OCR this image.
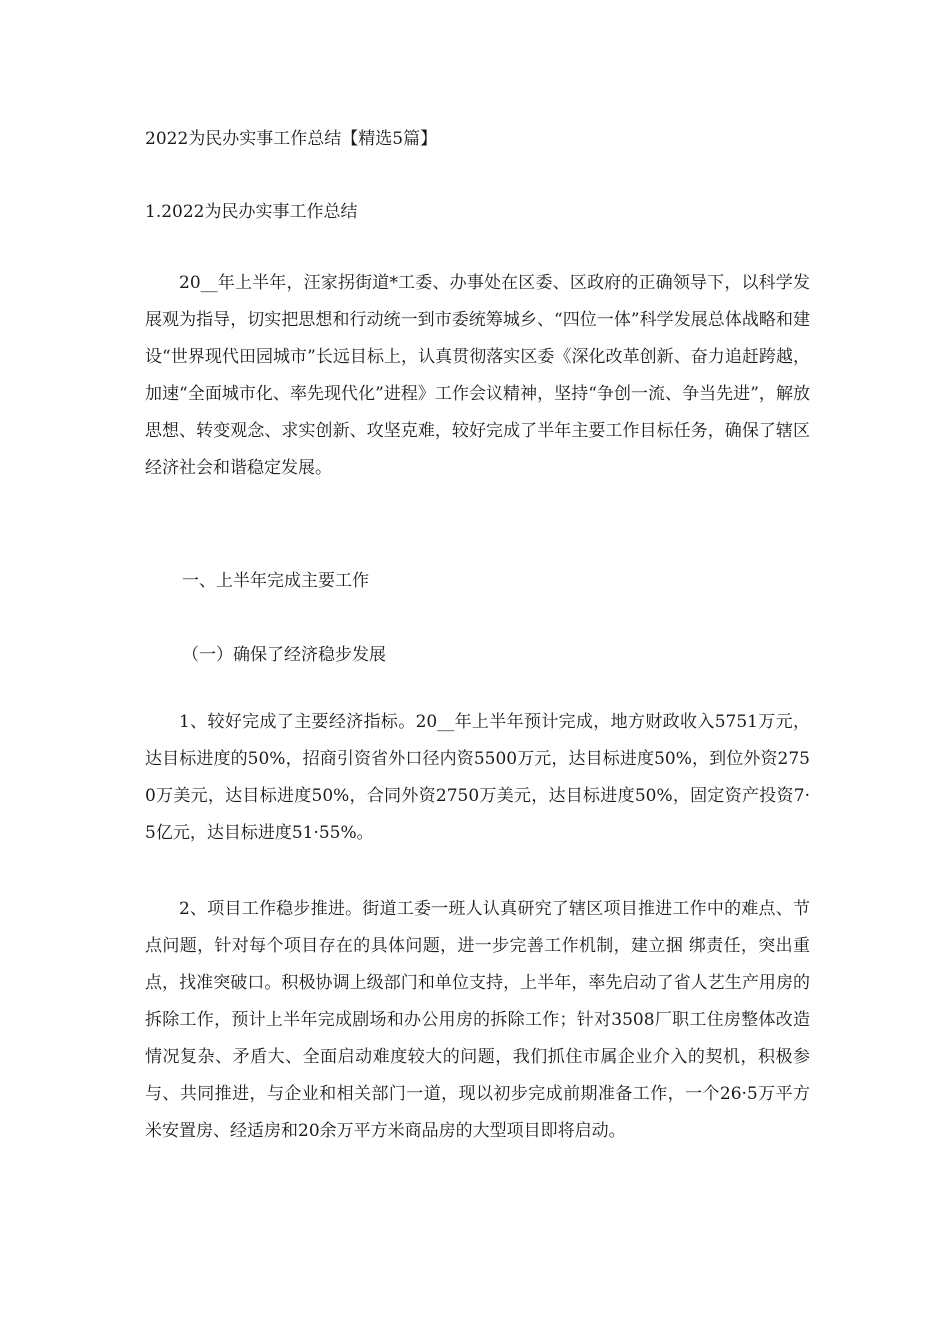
2022为民办实事工作总结【精选5篇】
1.2022为民办实事工作总结
20__年上半年，汪家拐街道*工委、办事处在区委、区政府的正确领导下，以科学发展观为指导，切实把思想和行动统一到市委统筹城乡、“四位一体”科学发展总体战略和建设“世界现代田园城市”长远目标上，认真贯彻落实区委《深化改革创新、奋力追赶跨越，加速“全面城市化、率先现代化”进程》工作会议精神，坚持“争创一流、争当先进”，解放思想、转变观念、求实创新、攻坚克难，较好完成了半年主要工作目标任务，确保了辖区经济社会和谐稳定发展。
一、上半年完成主要工作
（一）确保了经济稳步发展
1、较好完成了主要经济指标。20__年上半年预计完成，地方财政收入5751万元，达目标进度的50%，招商引资省外口径内资5500万元，达目标进度50%，到位外资2750万美元，达目标进度50%，合同外资2750万美元，达目标进度50%，固定资产投资7·5亿元，达目标进度51·55%。
2、项目工作稳步推进。街道工委一班人认真研究了辖区项目推进工作中的难点、节点问题，针对每个项目存在的具体问题，进一步完善工作机制，建立捆 绑责任，突出重点，找准突破口。积极协调上级部门和单位支持，上半年，率先启动了省人艺生产用房的拆除工作，预计上半年完成剧场和办公用房的拆除工作；针对3508厂职工住房整体改造情况复杂、矛盾大、全面启动难度较大的问题，我们抓住市属企业介入的契机，积极参与、共同推进，与企业和相关部门一道，现以初步完成前期准备工作，一个26·5万平方米安置房、经适房和20余万平方米商品房的大型项目即将启动。
